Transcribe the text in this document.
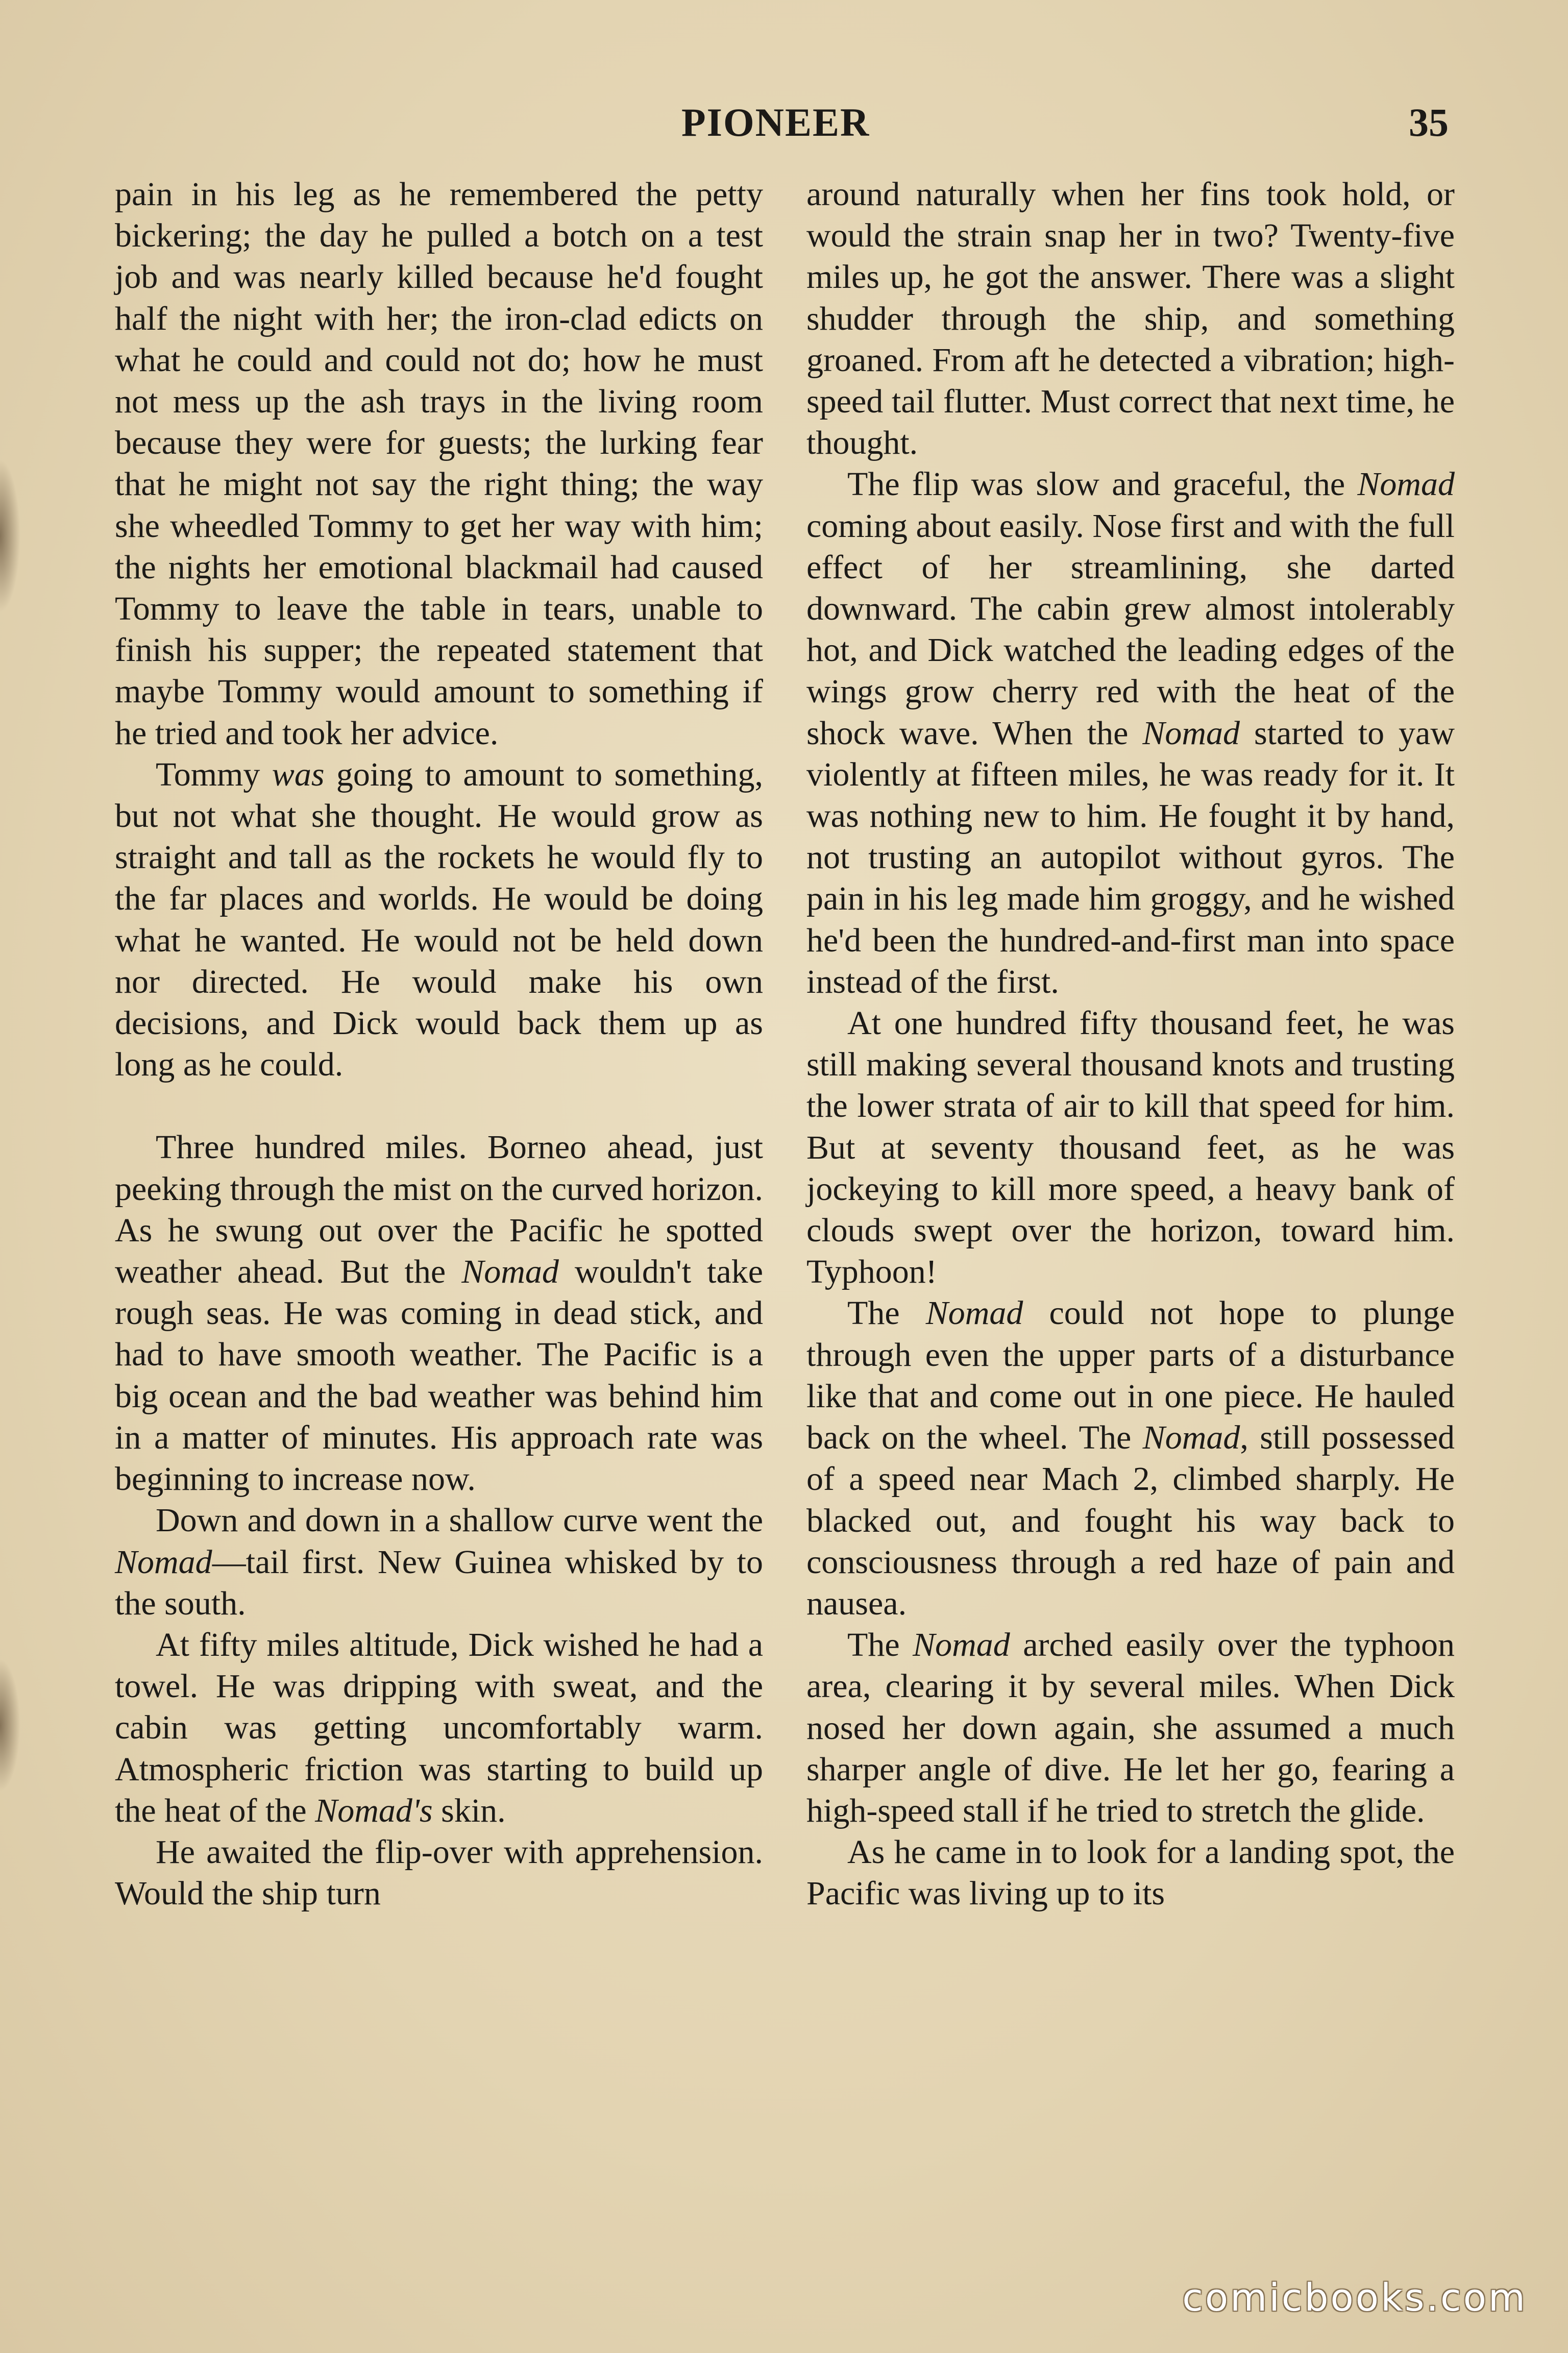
PIONEER	35

pain in his leg as he remembered the petty bickering; the day he pulled a botch on a test job and was nearly killed because he'd fought half the night with her; the iron-clad edicts on what he could and could not do; how he must not mess up the ash trays in the living room because they were for guests; the lurking fear that he might not say the right thing; the way she wheedled Tommy to get her way with him; the nights her emotional blackmail had caused Tommy to leave the table in tears, unable to finish his supper; the repeated statement that maybe Tommy would amount to something if he tried and took her advice.

Tommy was going to amount to something, but not what she thought. He would grow as straight and tall as the rockets he would fly to the far places and worlds. He would be doing what he wanted. He would not be held down nor directed. He would make his own decisions, and Dick would back them up as long as he could.

Three hundred miles. Borneo ahead, just peeking through the mist on the curved horizon. As he swung out over the Pacific he spotted weather ahead. But the Nomad wouldn't take rough seas. He was coming in dead stick, and had to have smooth weather. The Pacific is a big ocean and the bad weather was behind him in a matter of minutes. His approach rate was beginning to increase now.

Down and down in a shallow curve went the Nomad—tail first. New Guinea whisked by to the south.

At fifty miles altitude, Dick wished he had a towel. He was dripping with sweat, and the cabin was getting uncomfortably warm. Atmospheric friction was starting to build up the heat of the Nomad's skin.

He awaited the flip-over with apprehension. Would the ship turn

around naturally when her fins took hold, or would the strain snap her in two? Twenty-five miles up, he got the answer. There was a slight shudder through the ship, and something groaned. From aft he detected a vibration; high-speed tail flutter. Must correct that next time, he thought.

The flip was slow and graceful, the Nomad coming about easily. Nose first and with the full effect of her streamlining, she darted downward. The cabin grew almost intolerably hot, and Dick watched the leading edges of the wings grow cherry red with the heat of the shock wave. When the Nomad started to yaw violently at fifteen miles, he was ready for it. It was nothing new to him. He fought it by hand, not trusting an autopilot without gyros. The pain in his leg made him groggy, and he wished he'd been the hundred-and-first man into space instead of the first.

At one hundred fifty thousand feet, he was still making several thousand knots and trusting the lower strata of air to kill that speed for him. But at seventy thousand feet, as he was jockeying to kill more speed, a heavy bank of clouds swept over the horizon, toward him. Typhoon!

The Nomad could not hope to plunge through even the upper parts of a disturbance like that and come out in one piece. He hauled back on the wheel. The Nomad, still possessed of a speed near Mach 2, climbed sharply. He blacked out, and fought his way back to consciousness through a red haze of pain and nausea.

The Nomad arched easily over the typhoon area, clearing it by several miles. When Dick nosed her down again, she assumed a much sharper angle of dive. He let her go, fearing a high-speed stall if he tried to stretch the glide.

As he came in to look for a landing spot, the Pacific was living up to its

comicbooks.com
